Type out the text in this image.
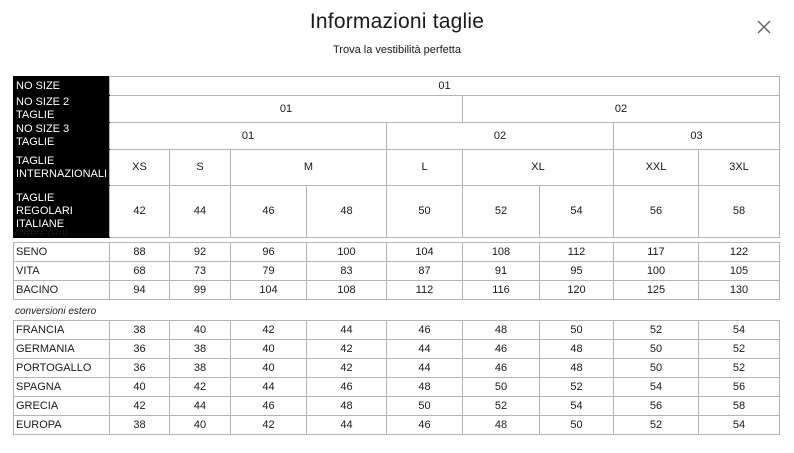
Informazioni taglie
Trova la vestibilità perfetta
NO SIZE	01								
NO SIZE 2 TAGLIE	01					02			
NO SIZE 3 TAGLIE	01				02			03	
TAGLIE INTERNAZIONALI	XS	S	M		L	XL		XXL	3XL
TAGLIE REGOLARI ITALIANE	42	44	46	48	50	52	54	56	58
misure (cm)
SENO	88	92	96	100	104	108	112	117	122
VITA	68	73	79	83	87	91	95	100	105
BACINO	94	99	104	108	112	116	120	125	130
conversioni estero
FRANCIA	38	40	42	44	46	48	50	52	54
GERMANIA	36	38	40	42	44	46	48	50	52
PORTOGALLO	36	38	40	42	44	46	48	50	52
SPAGNA	40	42	44	46	48	50	52	54	56
GRECIA	42	44	46	48	50	52	54	56	58
EUROPA	38	40	42	44	46	48	50	52	54
